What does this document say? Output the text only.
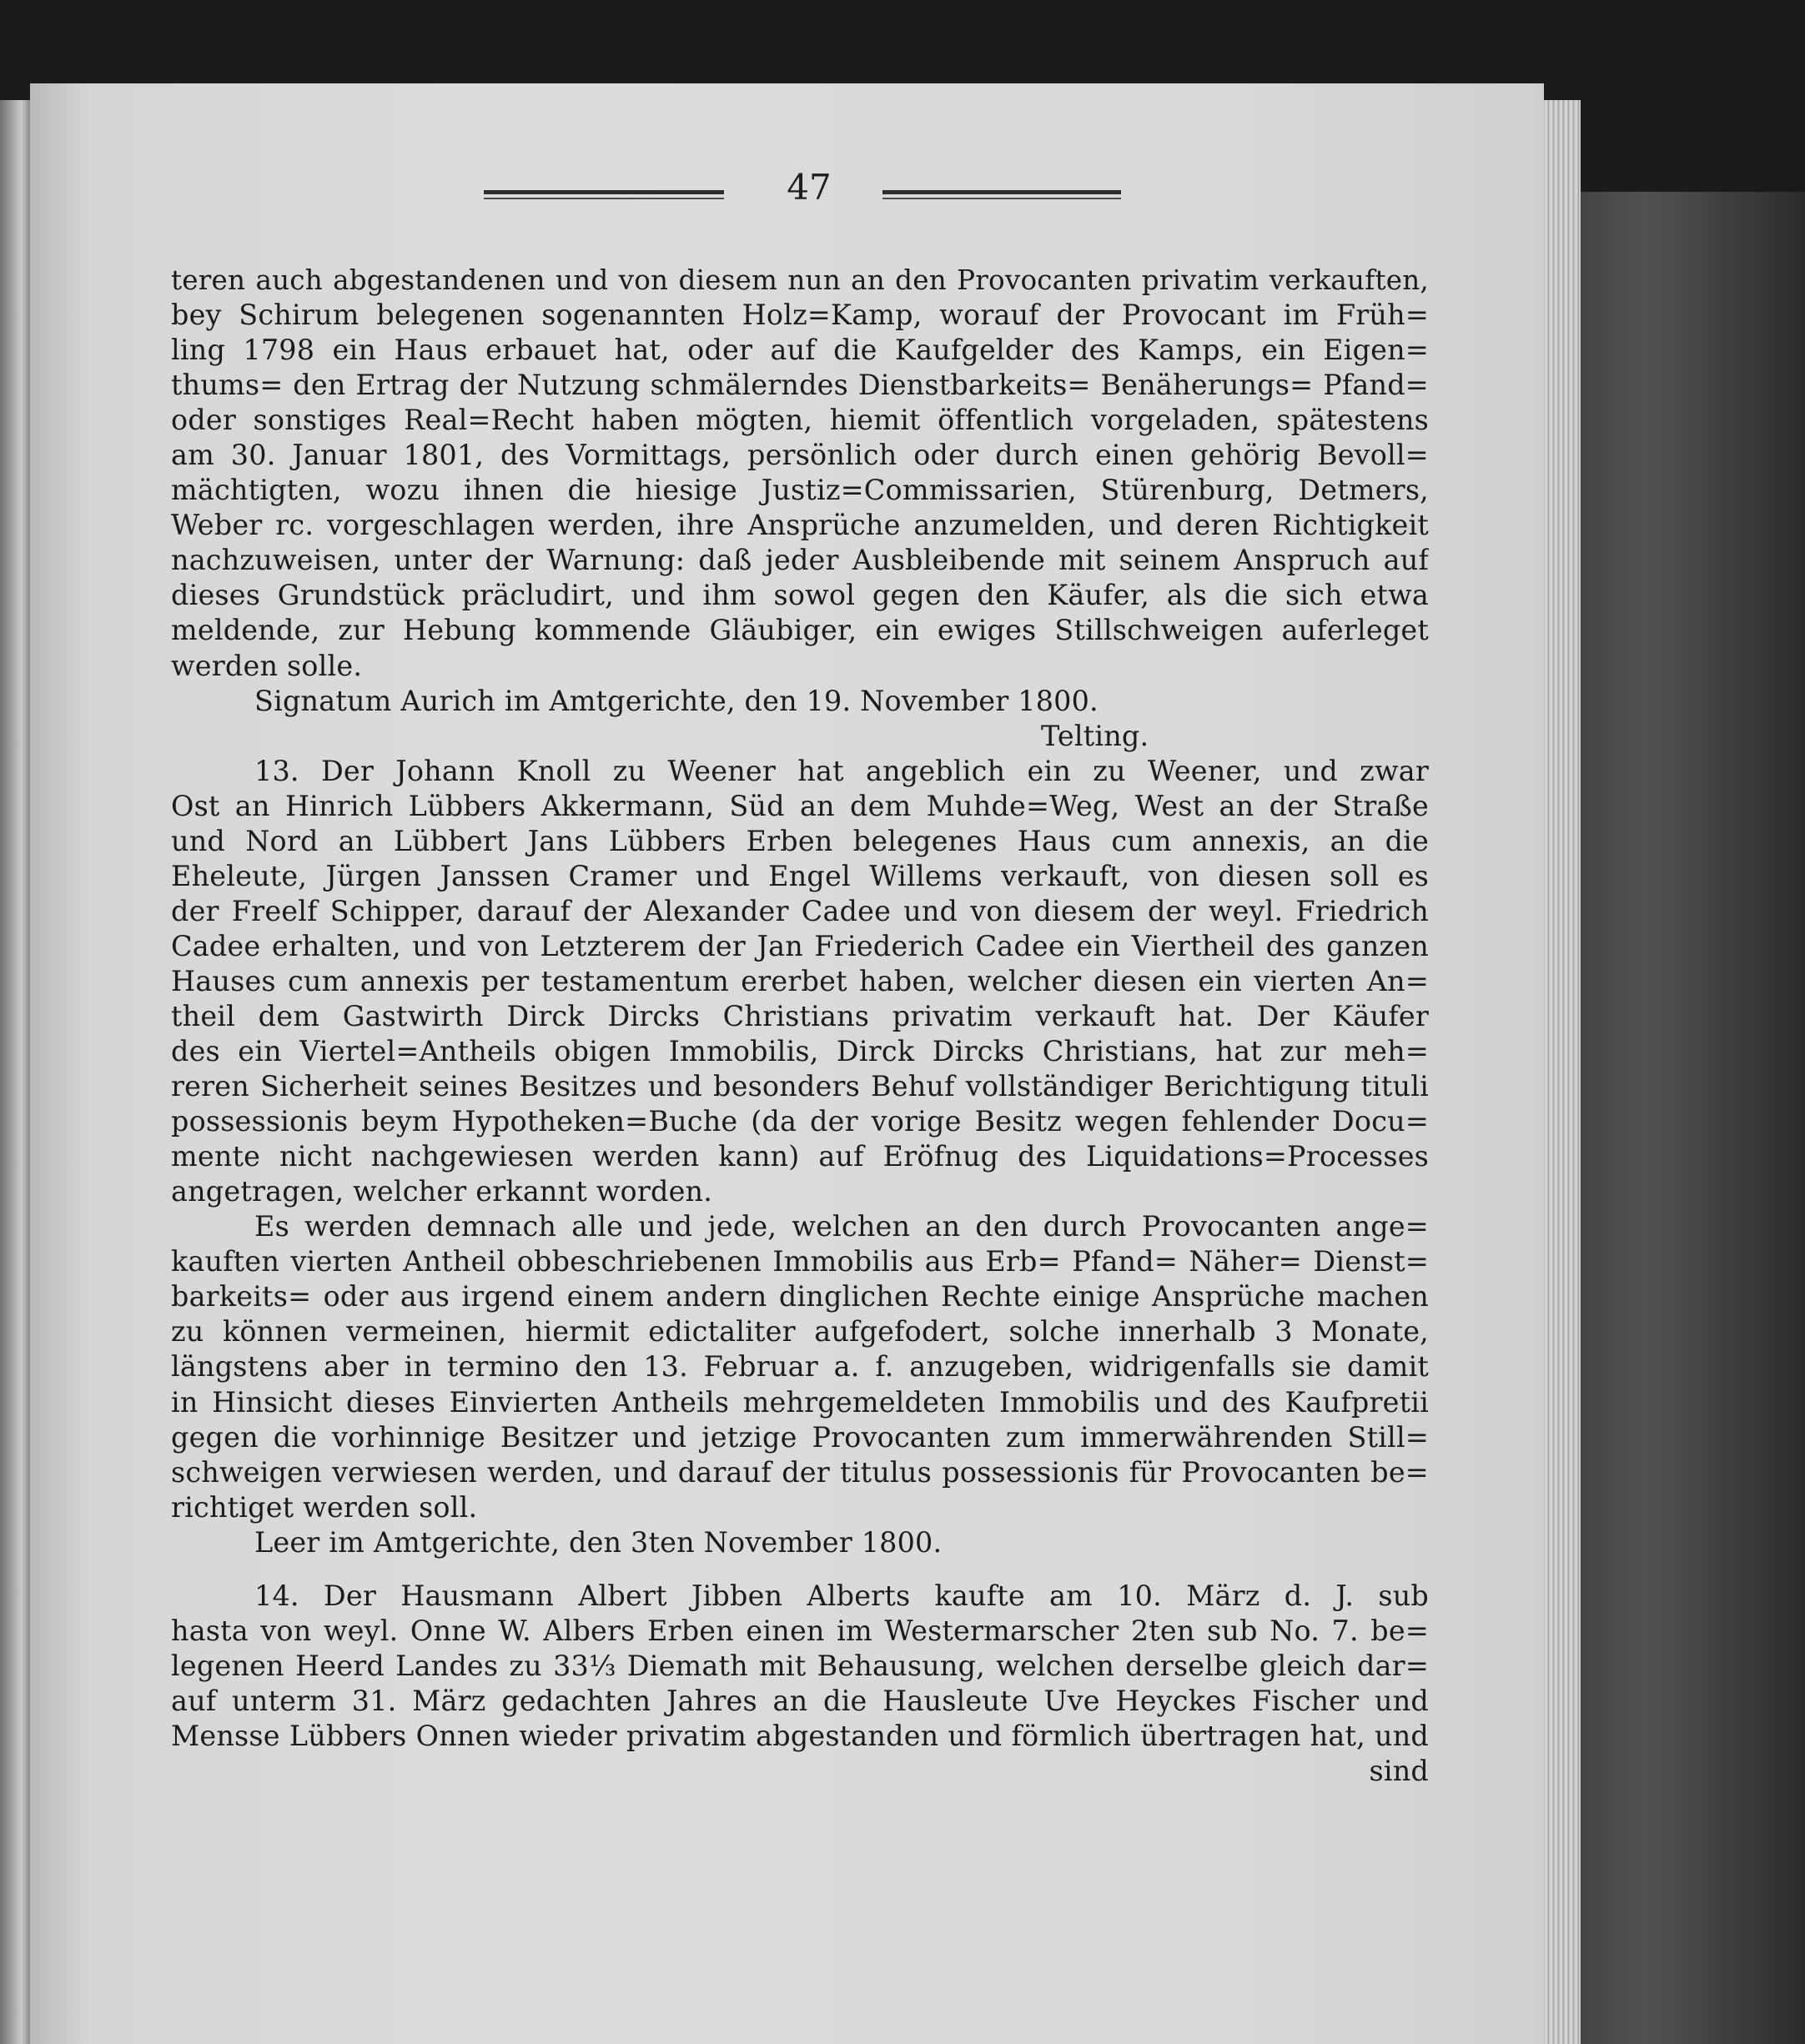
47
teren auch abgestandenen und von diesem nun an den Provocanten privatim verkauften,
bey Schirum belegenen sogenannten Holz=Kamp, worauf der Provocant im Früh=
ling 1798 ein Haus erbauet hat, oder auf die Kaufgelder des Kamps, ein Eigen=
thums= den Ertrag der Nutzung schmälerndes Dienstbarkeits= Benäherungs= Pfand=
oder sonstiges Real=Recht haben mögten, hiemit öffentlich vorgeladen, spätestens
am 30. Januar 1801, des Vormittags, persönlich oder durch einen gehörig Bevoll=
mächtigten, wozu ihnen die hiesige Justiz=Commissarien, Stürenburg, Detmers,
Weber rc. vorgeschlagen werden, ihre Ansprüche anzumelden, und deren Richtigkeit
nachzuweisen, unter der Warnung: daß jeder Ausbleibende mit seinem Anspruch auf
dieses Grundstück präcludirt, und ihm sowol gegen den Käufer, als die sich etwa
meldende, zur Hebung kommende Gläubiger, ein ewiges Stillschweigen auferleget
werden solle.
Signatum Aurich im Amtgerichte, den 19. November 1800.
Telting.
13. Der Johann Knoll zu Weener hat angeblich ein zu Weener, und zwar
Ost an Hinrich Lübbers Akkermann, Süd an dem Muhde=Weg, West an der Straße
und Nord an Lübbert Jans Lübbers Erben belegenes Haus cum annexis, an die
Eheleute, Jürgen Janssen Cramer und Engel Willems verkauft, von diesen soll es
der Freelf Schipper, darauf der Alexander Cadee und von diesem der weyl. Friedrich
Cadee erhalten, und von Letzterem der Jan Friederich Cadee ein Viertheil des ganzen
Hauses cum annexis per testamentum ererbet haben, welcher diesen ein vierten An=
theil dem Gastwirth Dirck Dircks Christians privatim verkauft hat. Der Käufer
des ein Viertel=Antheils obigen Immobilis, Dirck Dircks Christians, hat zur meh=
reren Sicherheit seines Besitzes und besonders Behuf vollständiger Berichtigung tituli
possessionis beym Hypotheken=Buche (da der vorige Besitz wegen fehlender Docu=
mente nicht nachgewiesen werden kann) auf Eröfnug des Liquidations=Processes
angetragen, welcher erkannt worden.
Es werden demnach alle und jede, welchen an den durch Provocanten ange=
kauften vierten Antheil obbeschriebenen Immobilis aus Erb= Pfand= Näher= Dienst=
barkeits= oder aus irgend einem andern dinglichen Rechte einige Ansprüche machen
zu können vermeinen, hiermit edictaliter aufgefodert, solche innerhalb 3 Monate,
längstens aber in termino den 13. Februar a. f. anzugeben, widrigenfalls sie damit
in Hinsicht dieses Einvierten Antheils mehrgemeldeten Immobilis und des Kaufpretii
gegen die vorhinnige Besitzer und jetzige Provocanten zum immerwährenden Still=
schweigen verwiesen werden, und darauf der titulus possessionis für Provocanten be=
richtiget werden soll.
Leer im Amtgerichte, den 3ten November 1800.
14. Der Hausmann Albert Jibben Alberts kaufte am 10. März d. J. sub
hasta von weyl. Onne W. Albers Erben einen im Westermarscher 2ten sub No. 7. be=
legenen Heerd Landes zu 33⅓ Diemath mit Behausung, welchen derselbe gleich dar=
auf unterm 31. März gedachten Jahres an die Hausleute Uve Heyckes Fischer und
Mensse Lübbers Onnen wieder privatim abgestanden und förmlich übertragen hat, und
sind
